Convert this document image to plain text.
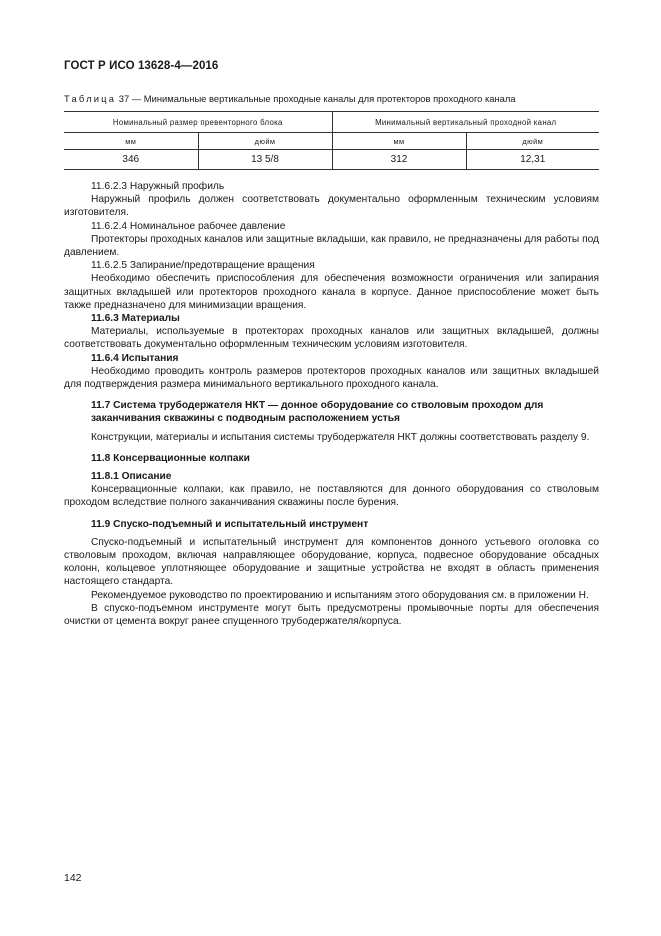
ГОСТ Р ИСО 13628-4—2016
Таблица 37 — Минимальные вертикальные проходные каналы для протекторов проходного канала
Номинальный размер превенторного блока		Минимальный вертикальный проходной канал	
мм	дюйм	мм	дюйм
346	13 5/8	312	12,31

11.6.2.3 Наружный профиль

Наружный профиль должен соответствовать документально оформленным техническим условиям изготовителя.

11.6.2.4 Номинальное рабочее давление

Протекторы проходных каналов или защитные вкладыши, как правило, не предназначены для работы под давлением.

11.6.2.5 Запирание/предотвращение вращения

Необходимо обеспечить приспособления для обеспечения возможности ограничения или запирания защитных вкладышей или протекторов проходного канала в корпусе. Данное приспособление может быть также предназначено для минимизации вращения.

11.6.3 Материалы

Материалы, используемые в протекторах проходных каналов или защитных вкладышей, должны соответствовать документально оформленным техническим условиям изготовителя.

11.6.4 Испытания

Необходимо проводить контроль размеров протекторов проходных каналов или защитных вкладышей для подтверждения размера минимального вертикального проходного канала.

11.7 Система трубодержателя НКТ — донное оборудование со стволовым проходом для заканчивания скважины с подводным расположением устья

Конструкции, материалы и испытания системы трубодержателя НКТ должны соответствовать разделу 9.

11.8 Консервационные колпаки

11.8.1 Описание

Консервационные колпаки, как правило, не поставляются для донного оборудования со стволовым проходом вследствие полного заканчивания скважины после бурения.

11.9 Спуско-подъемный и испытательный инструмент

Спуско-подъемный и испытательный инструмент для компонентов донного устьевого оголовка со стволовым проходом, включая направляющее оборудование, корпуса, подвесное оборудование обсадных колонн, кольцевое уплотняющее оборудование и защитные устройства не входят в область применения настоящего стандарта.

Рекомендуемое руководство по проектированию и испытаниям этого оборудования см. в приложении Н.

В спуско-подъемном инструменте могут быть предусмотрены промывочные порты для обеспечения очистки от цемента вокруг ранее спущенного трубодержателя/корпуса.

142
